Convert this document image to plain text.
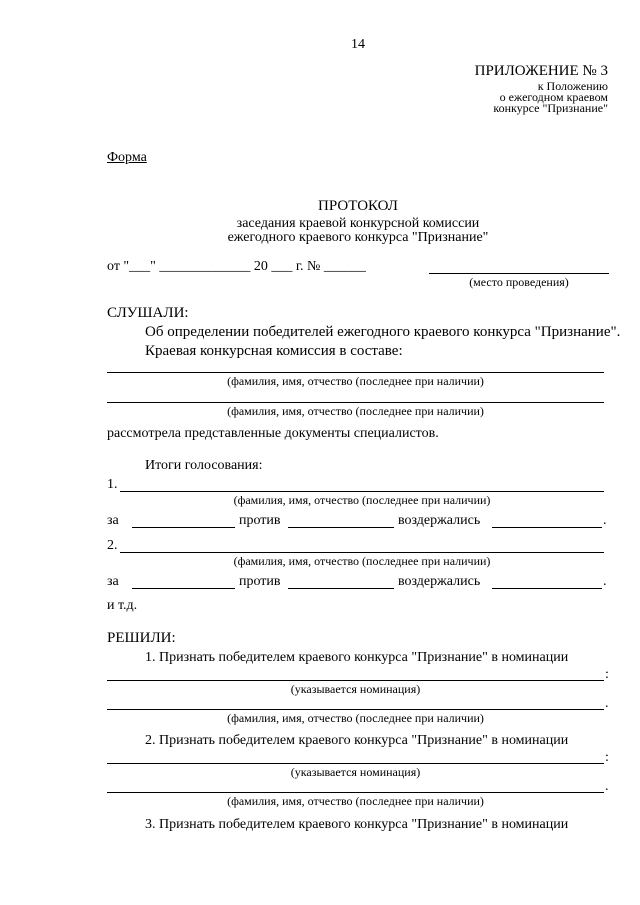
14
ПРИЛОЖЕНИЕ № 3
к Положению
о ежегодном краевом
конкурсе "Признание"
Форма
ПРОТОКОЛ
заседания краевой конкурсной комиссии
ежегодного краевого конкурса "Признание"
от "___" _____________ 20 ___ г. № ______
(место проведения)
СЛУШАЛИ:
Об определении победителей ежегодного краевого конкурса "Признание".
Краевая конкурсная комиссия в составе:
(фамилия, имя, отчество (последнее при наличии)
(фамилия, имя, отчество (последнее при наличии)
рассмотрела представленные документы специалистов.
Итоги голосования:
1.
(фамилия, имя, отчество (последнее при наличии)
за	против	воздержались	.
2.
(фамилия, имя, отчество (последнее при наличии)
за	против	воздержались	.
и т.д.
РЕШИЛИ:
1. Признать победителем краевого конкурса "Признание" в номинации
:
(указывается номинация)
.
(фамилия, имя, отчество (последнее при наличии)
2. Признать победителем краевого конкурса "Признание" в номинации
:
(указывается номинация)
.
(фамилия, имя, отчество (последнее при наличии)
3. Признать победителем краевого конкурса "Признание" в номинации
